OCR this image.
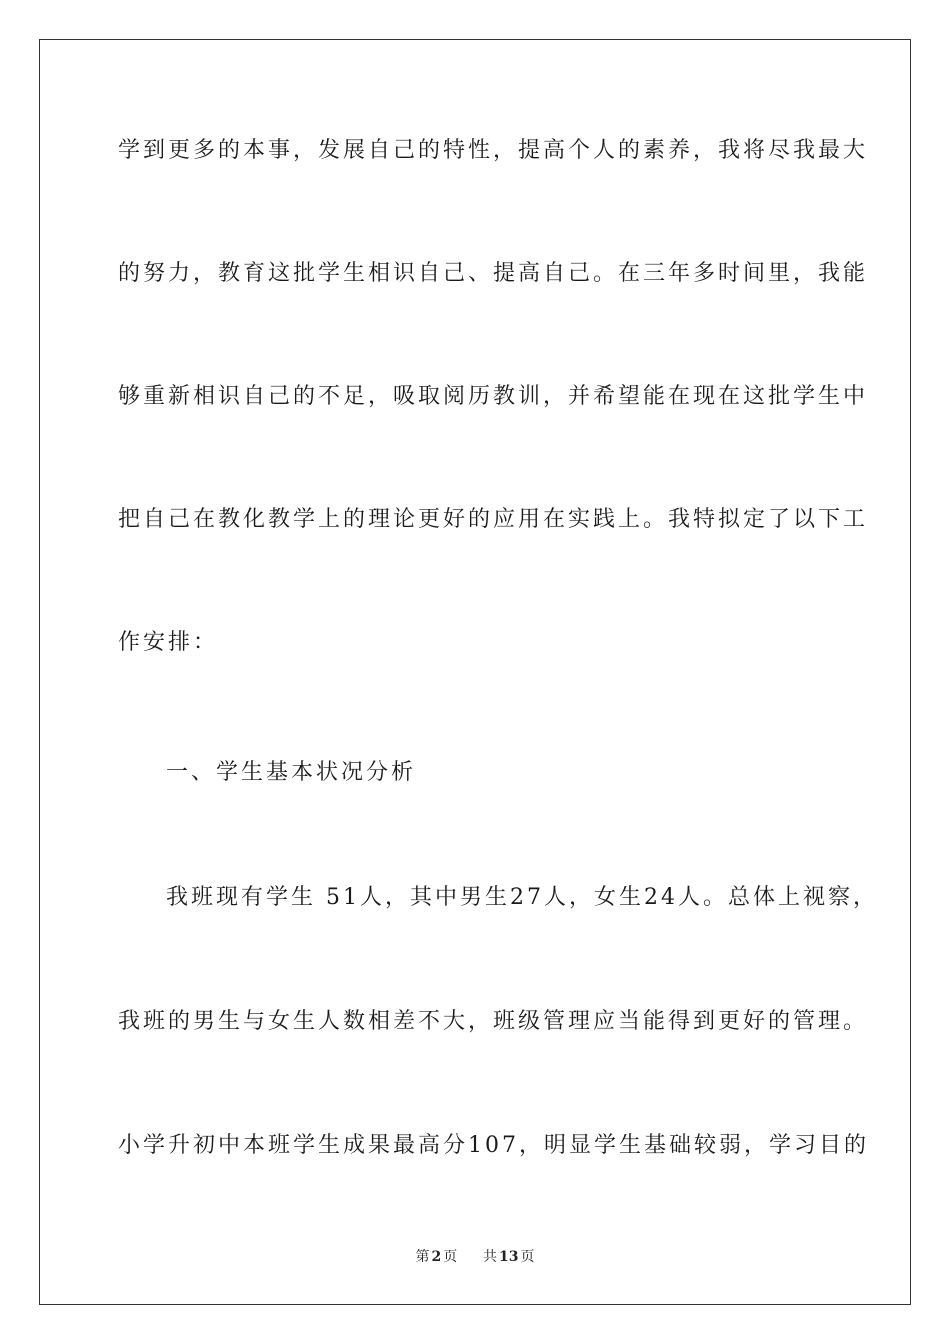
学到更多的本事，发展自己的特性，提高个人的素养，我将尽我最大
的努力，教育这批学生相识自己、提高自己。在三年多时间里，我能
够重新相识自己的不足，吸取阅历教训，并希望能在现在这批学生中
把自己在教化教学上的理论更好的应用在实践上。我特拟定了以下工
作安排：
一、学生基本状况分析
我班现有学生 51人，其中男生27人，女生24人。总体上视察，
我班的男生与女生人数相差不大，班级管理应当能得到更好的管理。
小学升初中本班学生成果最高分107，明显学生基础较弱，学习目的
第 2 页 共 13 页
